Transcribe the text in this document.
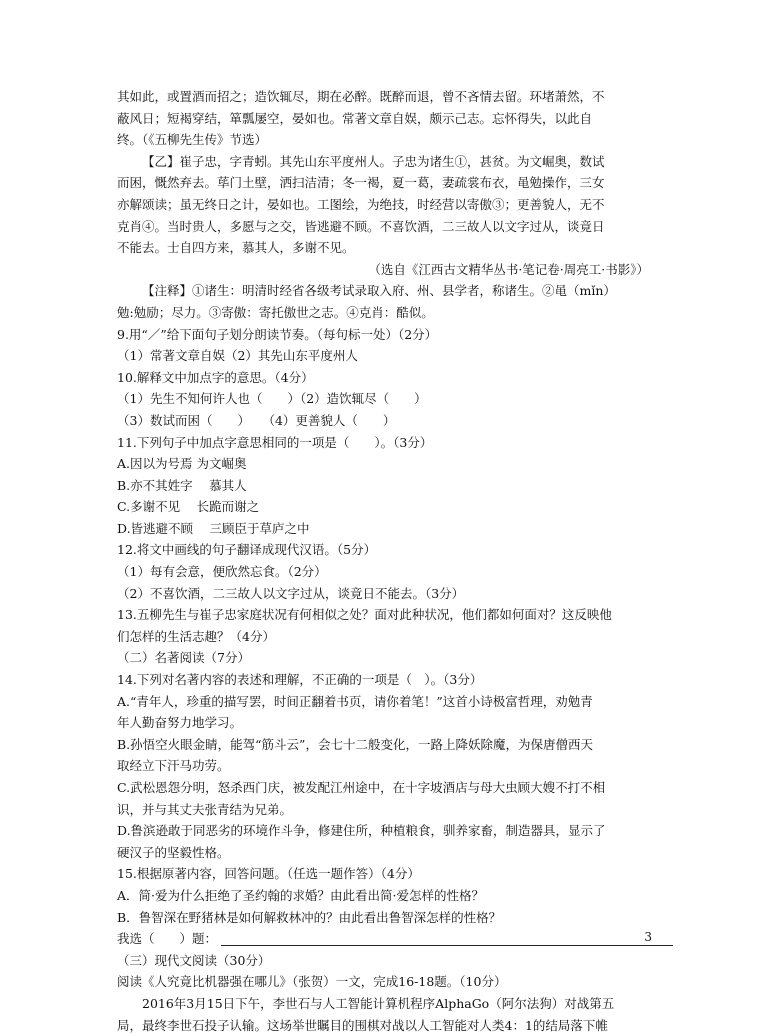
其如此，或置酒而招之；造饮辄尽，期在必醉。既醉而退，曾不吝情去留。环堵萧然，不
蔽风日；短褐穿结，箪瓢屡空，晏如也。常著文章自娱，颇示己志。忘怀得失，以此自
终。（《五柳先生传》节选）
【乙】崔子忠，字青蚓。其先山东平度州人。子忠为诸生①，甚贫。为文崛奥，数试
而困，慨然弃去。荜门土壁，洒扫洁清；冬一褐，夏一葛，妻疏裳布衣，黾勉操作，三女
亦解颂读；虽无终日之计，晏如也。工图绘，为绝技，时经营以寄傲③；更善貌人，无不
克肖④。当时贵人，多愿与之交，皆逃避不顾。不喜饮酒，二三故人以文字过从，谈竟日
不能去。士自四方来，慕其人，多谢不见。
（选自《江西古文精华丛书·笔记卷·周亮工·书影》）
【注释】①诸生：明清时经省各级考试录取入府、州、县学者，称诸生。②黾（mǐn）
勉:勉励；尽力。③寄傲：寄托傲世之志。④克肖：酷似。
9.用“／”给下面句子划分朗读节奏。（每句标一处）（2分）
（1）常著文章自娱（2）其先山东平度州人
10.解释文中加点字的意思。（4分）
（1）先生不知何许人也（　　）（2）造饮辄尽（　　）
（3）数试而困（　　）　　（4）更善貌人（　　）
11.下列句子中加点字意思相同的一项是（　　）。（3分）
A.因以为号焉 为文崛奥
B.亦不其姓字　 慕其人
C.多谢不见　 长跪而谢之
D.皆逃避不顾　 三顾臣于草庐之中
12.将文中画线的句子翻译成现代汉语。（5分）
（1）每有会意，便欣然忘食。（2分）
（2）不喜饮酒，二三故人以文字过从，谈竟日不能去。（3分）
13.五柳先生与崔子忠家庭状况有何相似之处？面对此种状况，他们都如何面对？这反映他
们怎样的生活志趣？（4分）
（二）名著阅读（7分）
14.下列对名著内容的表述和理解，不正确的一项是（　）。（3分）
A.“青年人，珍重的描写罢，时间正翻着书页，请你着笔！”这首小诗极富哲理，劝勉青
年人勤奋努力地学习。
B.孙悟空火眼金睛，能驾“筋斗云”，会七十二般变化，一路上降妖除魔，为保唐僧西天
取经立下汗马功劳。
C.武松恩怨分明，怒杀西门庆，被发配江州途中，在十字坡酒店与母大虫顾大嫂不打不相
识，并与其丈夫张青结为兄弟。
D.鲁滨逊敢于同恶劣的环境作斗争，修建住所，种植粮食，驯养家畜，制造器具，显示了
硬汉子的坚毅性格。
15.根据原著内容，回答问题。（任选一题作答）（4分）
A．简·爱为什么拒绝了圣约翰的求婚？由此看出简·爱怎样的性格？
B．鲁智深在野猪林是如何解救林冲的？由此看出鲁智深怎样的性格？
我选（　　）题：
（三）现代文阅读（30分）
阅读《人究竟比机器强在哪儿》（张贺）一文，完成16-18题。（10分）
2016年3月15日下午，李世石与人工智能计算机程序AlphaGo（阿尔法狗）对战第五
局，最终李世石投子认输。这场举世瞩目的围棋对战以人工智能对人类4：1的结局落下帷
3
